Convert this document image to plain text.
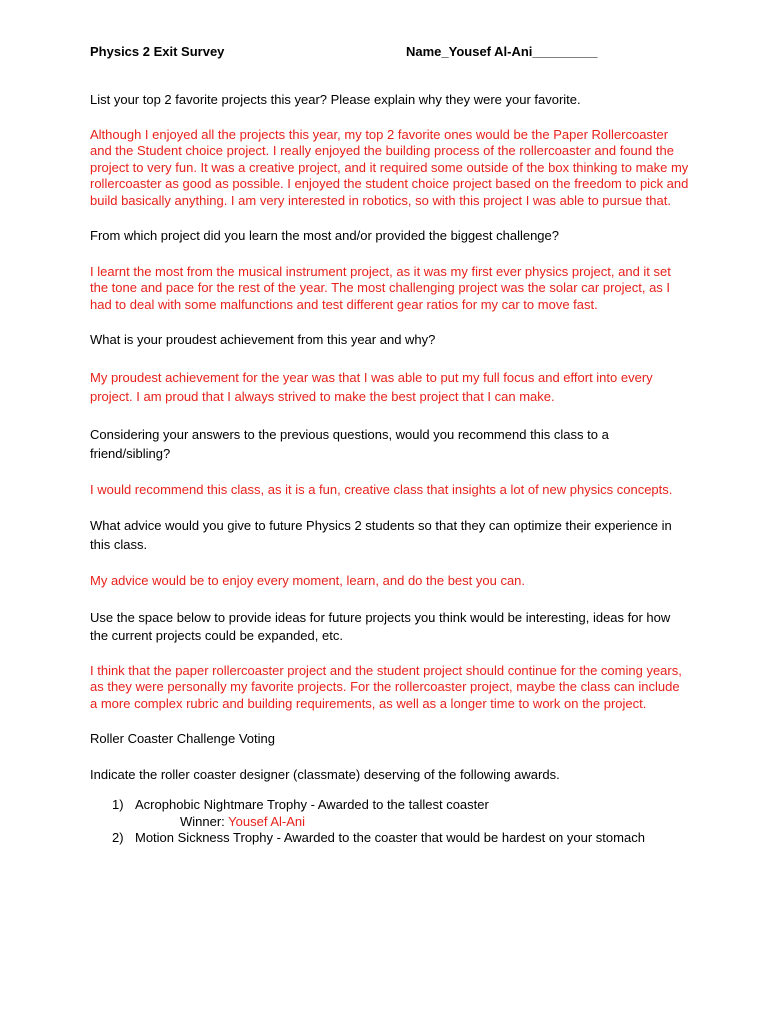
Physics 2 Exit Survey	Name_Yousef Al-Ani_________

List your top 2 favorite projects this year? Please explain why they were your favorite.

Although I enjoyed all the projects this year, my top 2 favorite ones would be the Paper Rollercoaster and the Student choice project. I really enjoyed the building process of the rollercoaster and found the project to very fun. It was a creative project, and it required some outside of the box thinking to make my rollercoaster as good as possible. I enjoyed the student choice project based on the freedom to pick and build basically anything. I am very interested in robotics, so with this project I was able to pursue that.

From which project did you learn the most and/or provided the biggest challenge?

I learnt the most from the musical instrument project, as it was my first ever physics project, and it set the tone and pace for the rest of the year. The most challenging project was the solar car project, as I had to deal with some malfunctions and test different gear ratios for my car to move fast.

What is your proudest achievement from this year and why?

My proudest achievement for the year was that I was able to put my full focus and effort into every project. I am proud that I always strived to make the best project that I can make.

Considering your answers to the previous questions, would you recommend this class to a friend/sibling?

I would recommend this class, as it is a fun, creative class that insights a lot of new physics concepts.

What advice would you give to future Physics 2 students so that they can optimize their experience in this class.

My advice would be to enjoy every moment, learn, and do the best you can.

Use the space below to provide ideas for future projects you think would be interesting, ideas for how the current projects could be expanded, etc.

I think that the paper rollercoaster project and the student project should continue for the coming years, as they were personally my favorite projects. For the rollercoaster project, maybe the class can include a more complex rubric and building requirements, as well as a longer time to work on the project.

Roller Coaster Challenge Voting

Indicate the roller coaster designer (classmate) deserving of the following awards.

1) Acrophobic Nightmare Trophy - Awarded to the tallest coaster
Winner: Yousef Al-Ani
2) Motion Sickness Trophy - Awarded to the coaster that would be hardest on your stomach
